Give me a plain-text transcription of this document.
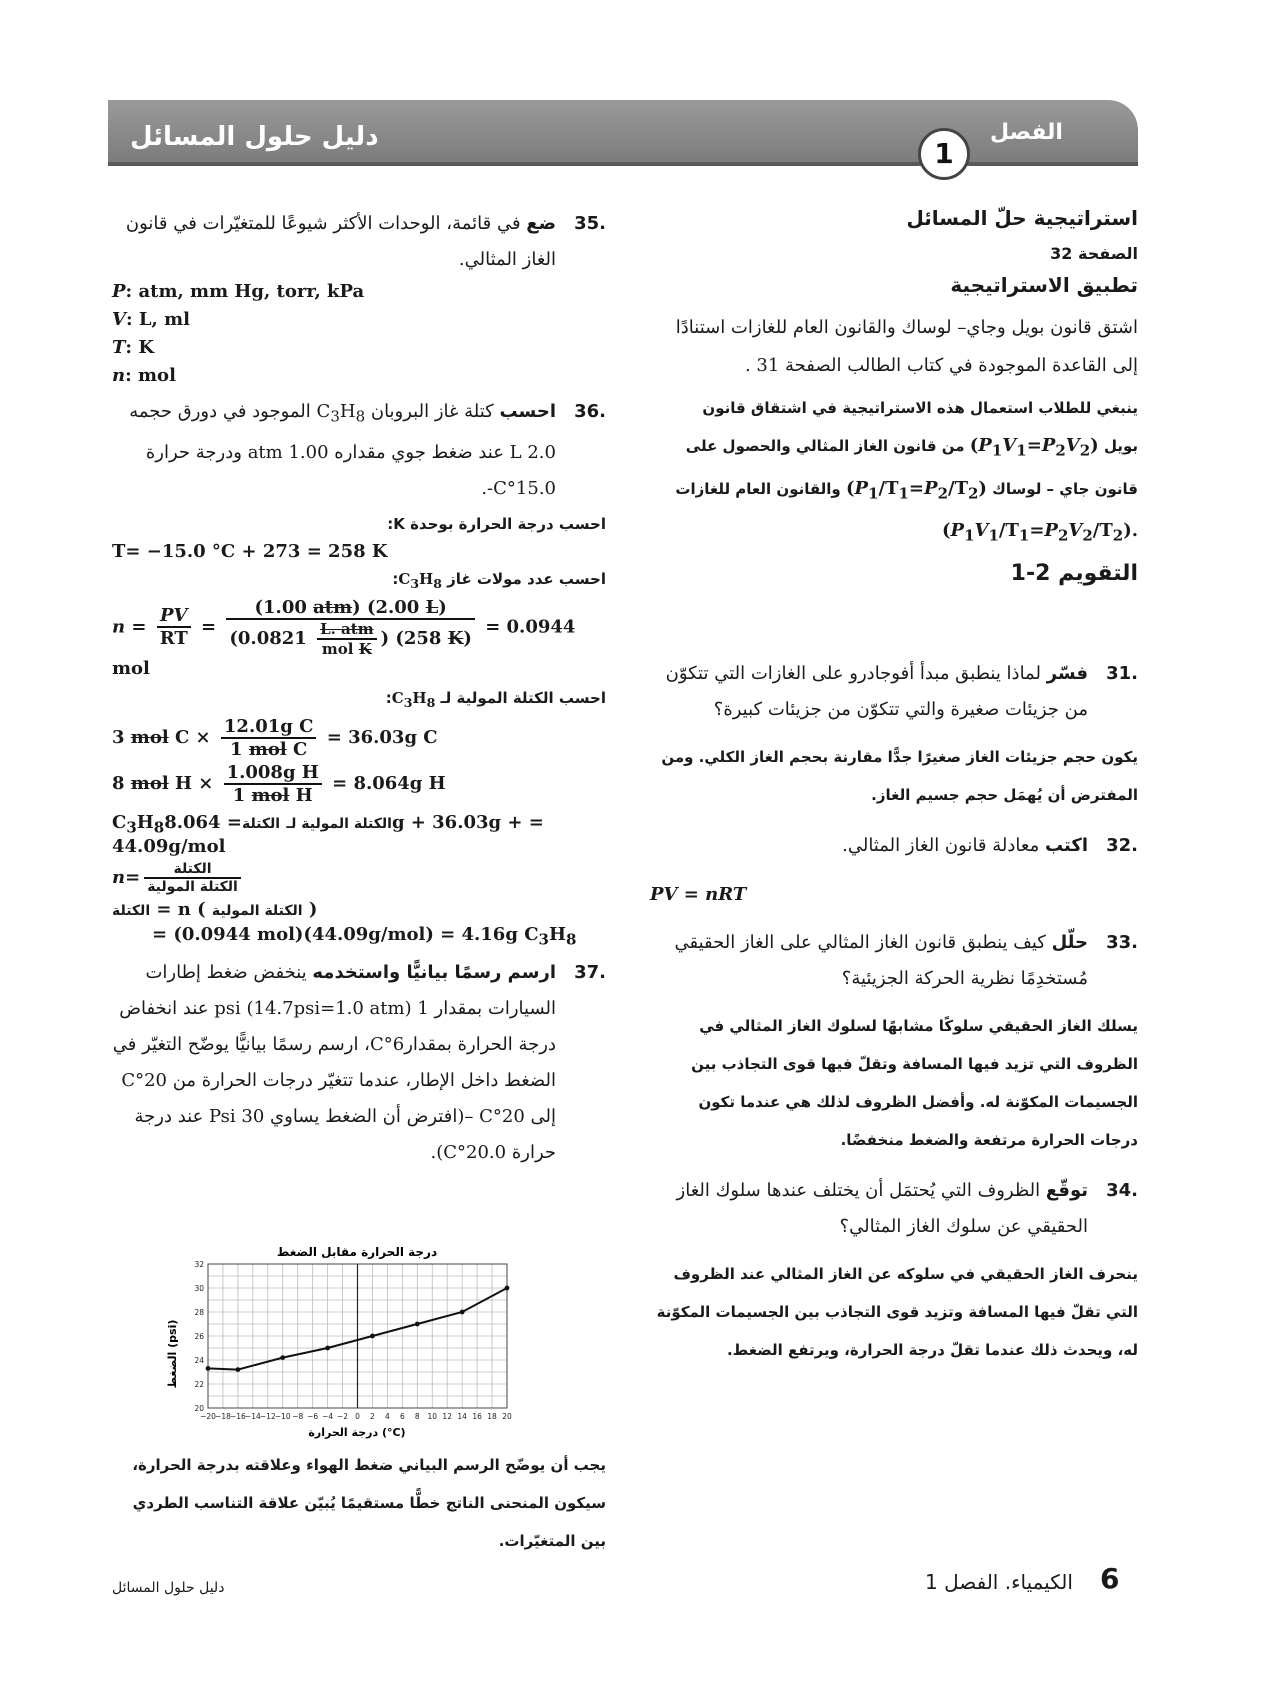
دليل حلول المسائل	الفصل
1
استراتيجية حلّ المسائل
الصفحة 32
تطبيق الاستراتيجية
اشتق قانون بويل وجاي– لوساك والقانون العام للغازات استنادًا إلى القاعدة الموجودة في كتاب الطالب الصفحة 31 .
ينبغي للطلاب استعمال هذه الاستراتيجية في اشتقاق قانون
بويل $(P_1V_1=P_2V_2)$ من قانون الغاز المثالي والحصول على
قانون جاي – لوساك $(P_1/T_1=P_2/T_2)$ والقانون العام للغازات
$(P_1V_1/T_1=P_2V_2/T_2)$.
التقويم 2-1
31.
فسّر لماذا ينطبق مبدأ أفوجادرو على الغازات التي تتكوّن من جزيئات صغيرة والتي تتكوّن من جزيئات كبيرة؟
يكون حجم جزيئات الغاز صغيرًا جدًّا مقارنة بحجم الغاز الكلي. ومن المفترض أن يُهمَل حجم جسيم الغاز.
32.
اكتب معادلة قانون الغاز المثالي.
PV = nRT
33.
حلّل كيف ينطبق قانون الغاز المثالي على الغاز الحقيقي مُستخدِمًا نظرية الحركة الجزيئية؟
يسلك الغاز الحقيقي سلوكًا مشابهًا لسلوك الغاز المثالي في الظروف التي تزيد فيها المسافة وتقلّ فيها قوى التجاذب بين الجسيمات المكوّنة له. وأفضل الظروف لذلك هي عندما تكون درجات الحرارة مرتفعة والضغط منخفضًا.
34.
توقّع الظروف التي يُحتمَل أن يختلف عندها سلوك الغاز الحقيقي عن سلوك الغاز المثالي؟
ينحرف الغاز الحقيقي في سلوكه عن الغاز المثالي عند الظروف التي تقلّ فيها المسافة وتزيد قوى التجاذب بين الجسيمات المكوّنة له، ويحدث ذلك عندما تقلّ درجة الحرارة، ويرتفع الضغط.
35.
ضع في قائمة، الوحدات الأكثر شيوعًا للمتغيّرات في قانون الغاز المثالي.
P: atm, mm Hg, torr, kPa
V: L, ml
T: K
n: mol
36.
احسب كتلة غاز البروبان $C_3H_8$ الموجود في دورق حجمه 2.0 L عند ضغط جوي مقداره 1.00 atm ودرجة حرارة 15.0°C-.
احسب درجة الحرارة بوحدة K:
T= −15.0 °C + 273 = 258 K
احسب عدد مولات غاز $C_3H_8$:
$n = \frac{PV}{RT} = \frac{\text{(1.00 atm) (2.00 L)}}{(0.0821 \frac{\text{L. atm}}{\text{mol K}} ) (258 K)} = 0.0944$ mol
احسب الكتلة المولية لـ $C_3H_8$:
3 mol $C \times \frac{\text{12.01g C}}{\text{1 mol C}} = 36.03g$ C
8 mol $H \times \frac{\text{1.008g H}}{\text{1 mol H}} = 8.064g$ H
$C_3H_8$	الكتلة المولية لـ الكتلة= 8.064g + 36.03g + = 44.09g/mol
$n= \frac{\text{الكتلة}}{\text{الكتلة المولية}}$
الكتلة = n ( الكتلة المولية )
= (0.0944 mol)(44.09g/mol) = 4.16g $C_3H_8$
37.
ارسم رسمًا بيانيًّا واستخدمه ينخفض ضغط إطارات السيارات بمقدار 1 psi (14.7psi=1.0 atm) عند انخفاض درجة الحرارة بمقدار6°C، ارسم رسمًا بيانيًّا يوضّح التغيّر في الضغط داخل الإطار، عندما تتغيّر درجات الحرارة من 20°C إلى 20°C –(افترض أن الضغط يساوي 30 Psi عند درجة حرارة 20.0°C).
درجة الحرارة مقابل الضغط
الضغط (psi)
درجة الحرارة (°C)
−20 −18 −16 −14 −12 −10 −8 −6 −4 −2 0 2 4 6 8 10 12 14 16 18 20
20
22
24
26
28
30
32
يجب أن يوضّح الرسم البياني ضغط الهواء وعلاقته بدرجة الحرارة، سيكون المنحنى الناتج خطًّا مستقيمًا يُبيّن علاقة التناسب الطردي بين المتغيّرات.
دليل حلول المسائل	الكيمياء. الفصل 1 6
